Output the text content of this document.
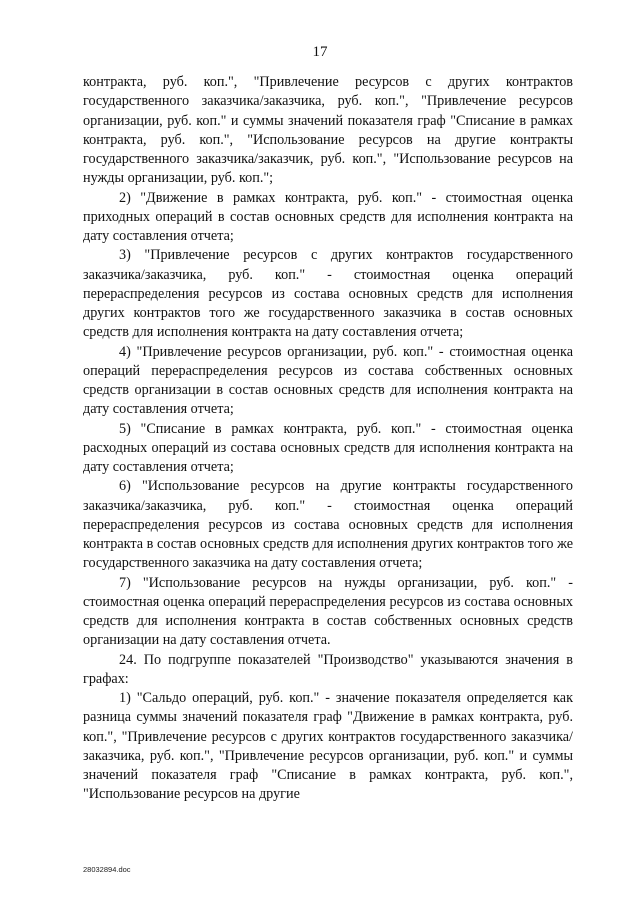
17

контракта, руб. коп.", "Привлечение ресурсов с других контрактов государственного заказчика/заказчика, руб. коп.", "Привлечение ресурсов организации, руб. коп." и суммы значений показателя граф "Списание в рамках контракта, руб. коп.", "Использование ресурсов на другие контракты государственного заказчика/заказчик, руб. коп.", "Использование ресурсов на нужды организации, руб. коп.";

2) "Движение в рамках контракта, руб. коп." - стоимостная оценка приходных операций в состав основных средств для исполнения контракта на дату составления отчета;

3) "Привлечение ресурсов с других контрактов государственного заказчика/заказчика, руб. коп." - стоимостная оценка операций перераспределения ресурсов из состава основных средств для исполнения других контрактов того же государственного заказчика в состав основных средств для исполнения контракта на дату составления отчета;

4) "Привлечение ресурсов организации, руб. коп." - стоимостная оценка операций перераспределения ресурсов из состава собственных основных средств организации в состав основных средств для исполнения контракта на дату составления отчета;

5) "Списание в рамках контракта, руб. коп." - стоимостная оценка расходных операций из состава основных средств для исполнения контракта на дату составления отчета;

6) "Использование ресурсов на другие контракты государственного заказчика/заказчика, руб. коп." - стоимостная оценка операций перераспределения ресурсов из состава основных средств для исполнения контракта в состав основных средств для исполнения других контрактов того же государственного заказчика на дату составления отчета;

7) "Использование ресурсов на нужды организации, руб. коп." - стоимостная оценка операций перераспределения ресурсов из состава основных средств для исполнения контракта в состав собственных основных средств организации на дату составления отчета.

24. По подгруппе показателей "Производство" указываются значения в графах:

1) "Сальдо операций, руб. коп." - значение показателя определяется как разница суммы значений показателя граф "Движение в рамках контракта, руб. коп.", "Привлечение ресурсов с других контрактов государственного заказчика/заказчика, руб. коп.", "Привлечение ресурсов организации, руб. коп." и суммы значений показателя граф "Списание в рамках контракта, руб. коп.", "Использование ресурсов на другие

28032894.doc
